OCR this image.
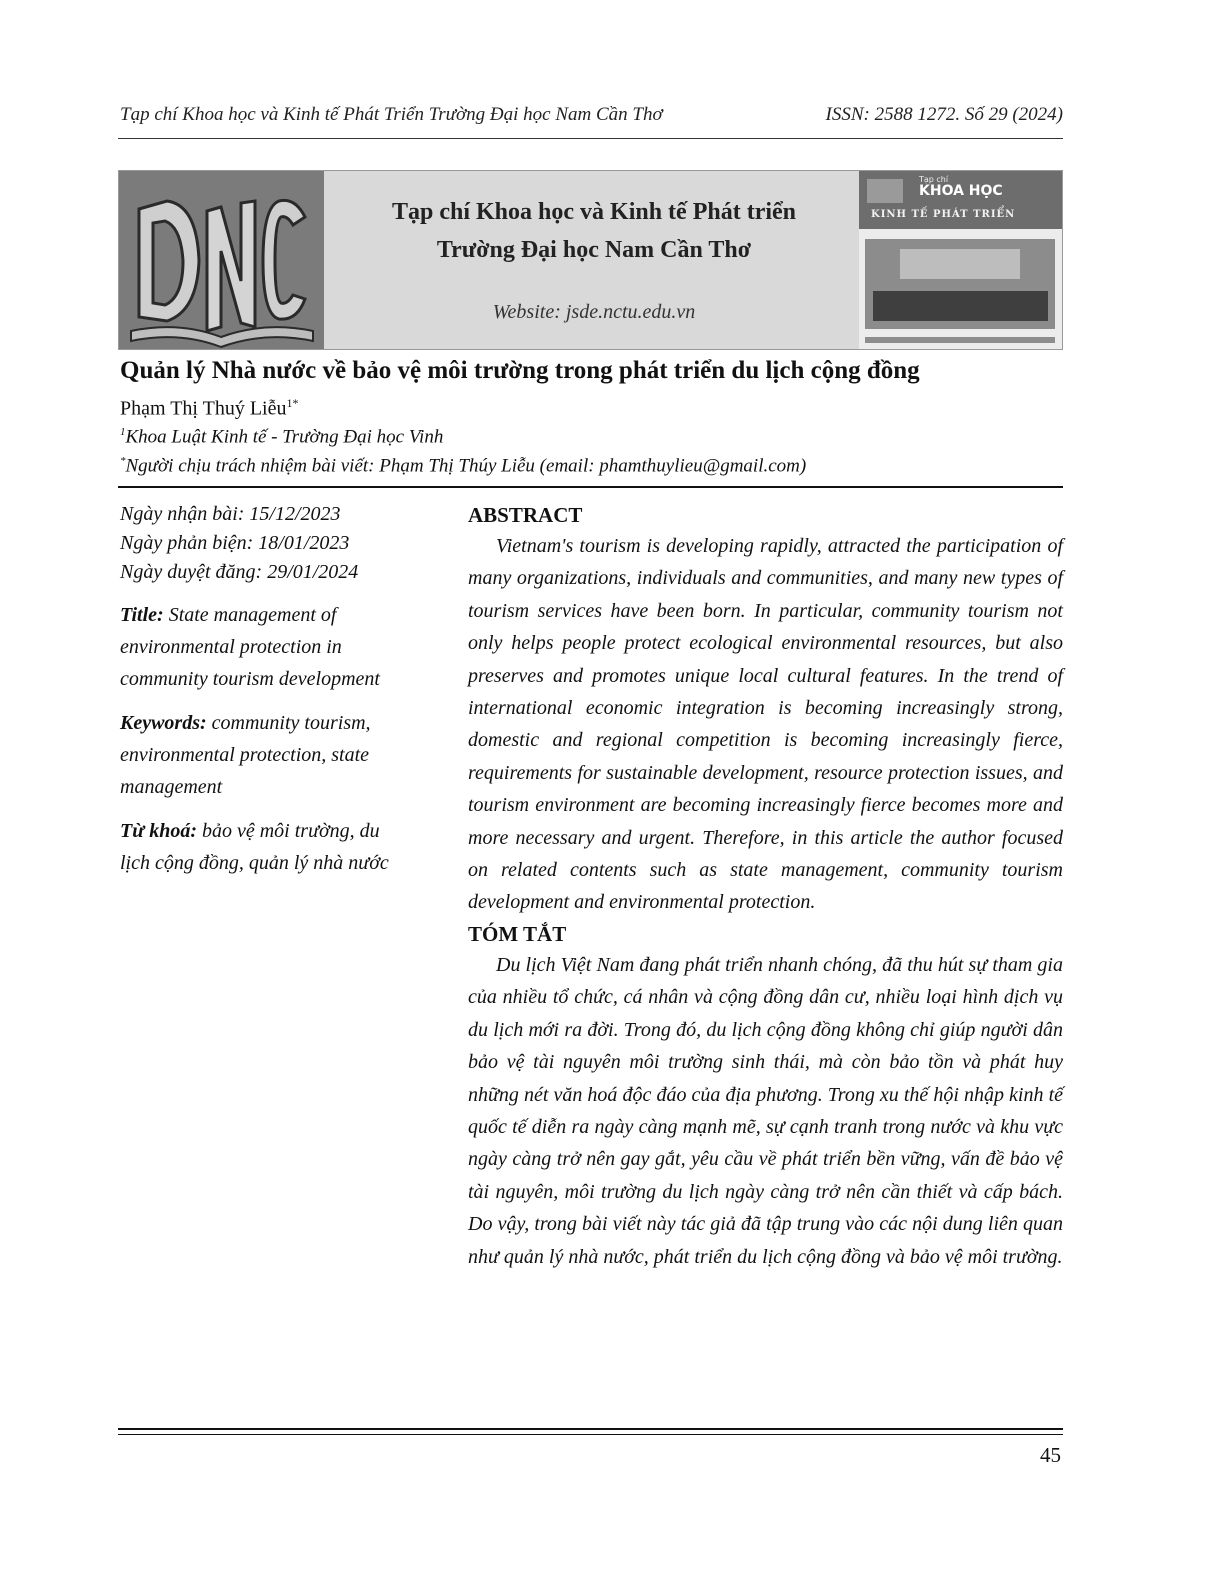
Tạp chí Khoa học và Kinh tế Phát Triển Trường Đại học Nam Cần Thơ	ISSN: 2588 1272. Số 29 (2024)
Tạp chí Khoa học và Kinh tế Phát triển
Trường Đại học Nam Cần Thơ
Website: jsde.nctu.edu.vn
Tạp chí
KHOA HỌC
KINH TẾ PHÁT TRIỂN
Quản lý Nhà nước về bảo vệ môi trường trong phát triển du lịch cộng đồng
Phạm Thị Thuý Liễu$^{1*}$
$^1$Khoa Luật Kinh tế - Trường Đại học Vinh
*Người chịu trách nhiệm bài viết: Phạm Thị Thúy Liễu (email: phamthuylieu@gmail.com)
Ngày nhận bài: 15/12/2023
Ngày phản biện: 18/01/2023
Ngày duyệt đăng: 29/01/2024
Title: State management of environmental protection in community tourism development
Keywords: community tourism, environmental protection, state management
Từ khoá: bảo vệ môi trường, du lịch cộng đồng, quản lý nhà nước
ABSTRACT

Vietnam's tourism is developing rapidly, attracted the participation of many organizations, individuals and communities, and many new types of tourism services have been born. In particular, community tourism not only helps people protect ecological environmental resources, but also preserves and promotes unique local cultural features. In the trend of international economic integration is becoming increasingly strong, domestic and regional competition is becoming increasingly fierce, requirements for sustainable development, resource protection issues, and tourism environment are becoming increasingly fierce becomes more and more necessary and urgent. Therefore, in this article the author focused on related contents such as state management, community tourism development and environmental protection.

TÓM TẮT

Du lịch Việt Nam đang phát triển nhanh chóng, đã thu hút sự tham gia của nhiều tổ chức, cá nhân và cộng đồng dân cư, nhiều loại hình dịch vụ du lịch mới ra đời. Trong đó, du lịch cộng đồng không chỉ giúp người dân bảo vệ tài nguyên môi trường sinh thái, mà còn bảo tồn và phát huy những nét văn hoá độc đáo của địa phương. Trong xu thế hội nhập kinh tế quốc tế diễn ra ngày càng mạnh mẽ, sự cạnh tranh trong nước và khu vực ngày càng trở nên gay gắt, yêu cầu về phát triển bền vững, vấn đề bảo vệ tài nguyên, môi trường du lịch ngày càng trở nên cần thiết và cấp bách. Do vậy, trong bài viết này tác giả đã tập trung vào các nội dung liên quan như quản lý nhà nước, phát triển du lịch cộng đồng và bảo vệ môi trường.

45
